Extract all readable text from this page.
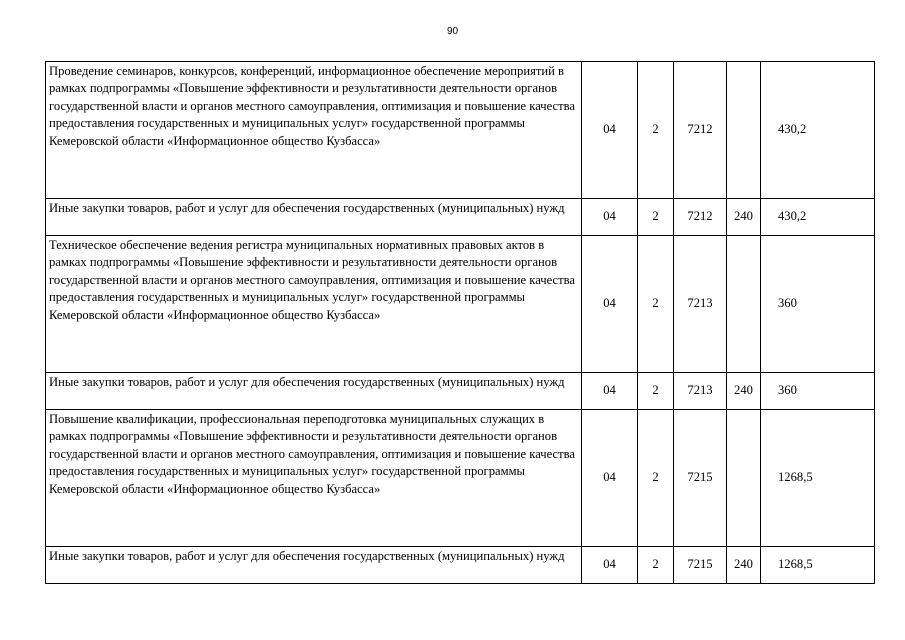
90
Проведение семинаров, конкурсов, конференций, информационное обеспечение мероприятий в рамках подпрограммы «Повышение эффективности и результативности деятельности органов государственной власти и органов местного самоуправления, оптимизация и повышение качества предоставления государственных и муниципальных услуг» государственной программы Кемеровской области «Информационное общество Кузбасса»	04	2	7212		430,2
Иные закупки товаров, работ и услуг для обеспечения государственных (муниципальных) нужд	04	2	7212	240	430,2
Техническое обеспечение ведения регистра муниципальных нормативных правовых актов в рамках подпрограммы «Повышение эффективности и результативности деятельности органов государственной власти и органов местного самоуправления, оптимизация и повышение качества предоставления государственных и муниципальных услуг» государственной программы Кемеровской области «Информационное общество Кузбасса»	04	2	7213		360
Иные закупки товаров, работ и услуг для обеспечения государственных (муниципальных) нужд	04	2	7213	240	360
Повышение квалификации, профессиональная переподготовка муниципальных служащих в рамках подпрограммы «Повышение эффективности и результативности деятельности органов государственной власти и органов местного самоуправления, оптимизация и повышение качества предоставления государственных и муниципальных услуг» государственной программы Кемеровской области «Информационное общество Кузбасса»	04	2	7215		1268,5
Иные закупки товаров, работ и услуг для обеспечения государственных (муниципальных) нужд	04	2	7215	240	1268,5
